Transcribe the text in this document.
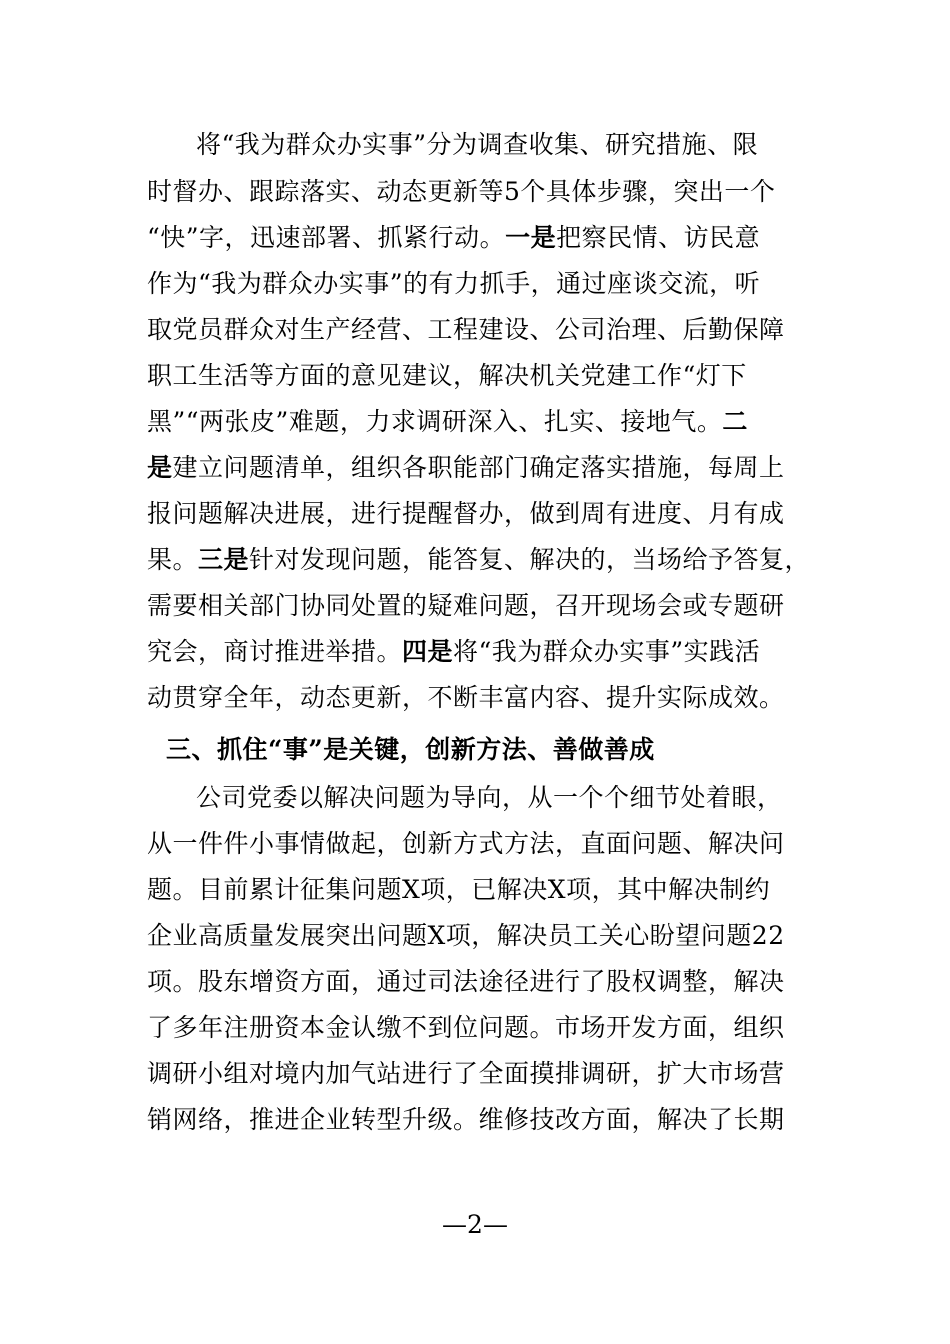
将“我为群众办实事”分为调查收集、研究措施、限
时督办、跟踪落实、动态更新等5个具体步骤，突出一个
“快”字，迅速部署、抓紧行动。一是把察民情、访民意
作为“我为群众办实事”的有力抓手，通过座谈交流，听
取党员群众对生产经营、工程建设、公司治理、后勤保障
职工生活等方面的意见建议，解决机关党建工作“灯下
黑”“两张皮”难题，力求调研深入、扎实、接地气。二
是建立问题清单，组织各职能部门确定落实措施，每周上
报问题解决进展，进行提醒督办，做到周有进度、月有成
果。三是针对发现问题，能答复、解决的，当场给予答复，
需要相关部门协同处置的疑难问题，召开现场会或专题研
究会，商讨推进举措。四是将“我为群众办实事”实践活
动贯穿全年，动态更新，不断丰富内容、提升实际成效。
三、抓住“事”是关键，创新方法、善做善成
公司党委以解决问题为导向，从一个个细节处着眼，
从一件件小事情做起，创新方式方法，直面问题、解决问
题。目前累计征集问题X项，已解决X项，其中解决制约
企业高质量发展突出问题X项，解决员工关心盼望问题22
项。股东增资方面，通过司法途径进行了股权调整，解决
了多年注册资本金认缴不到位问题。市场开发方面，组织
调研小组对境内加气站进行了全面摸排调研，扩大市场营
销网络，推进企业转型升级。维修技改方面，解决了长期
—2—
